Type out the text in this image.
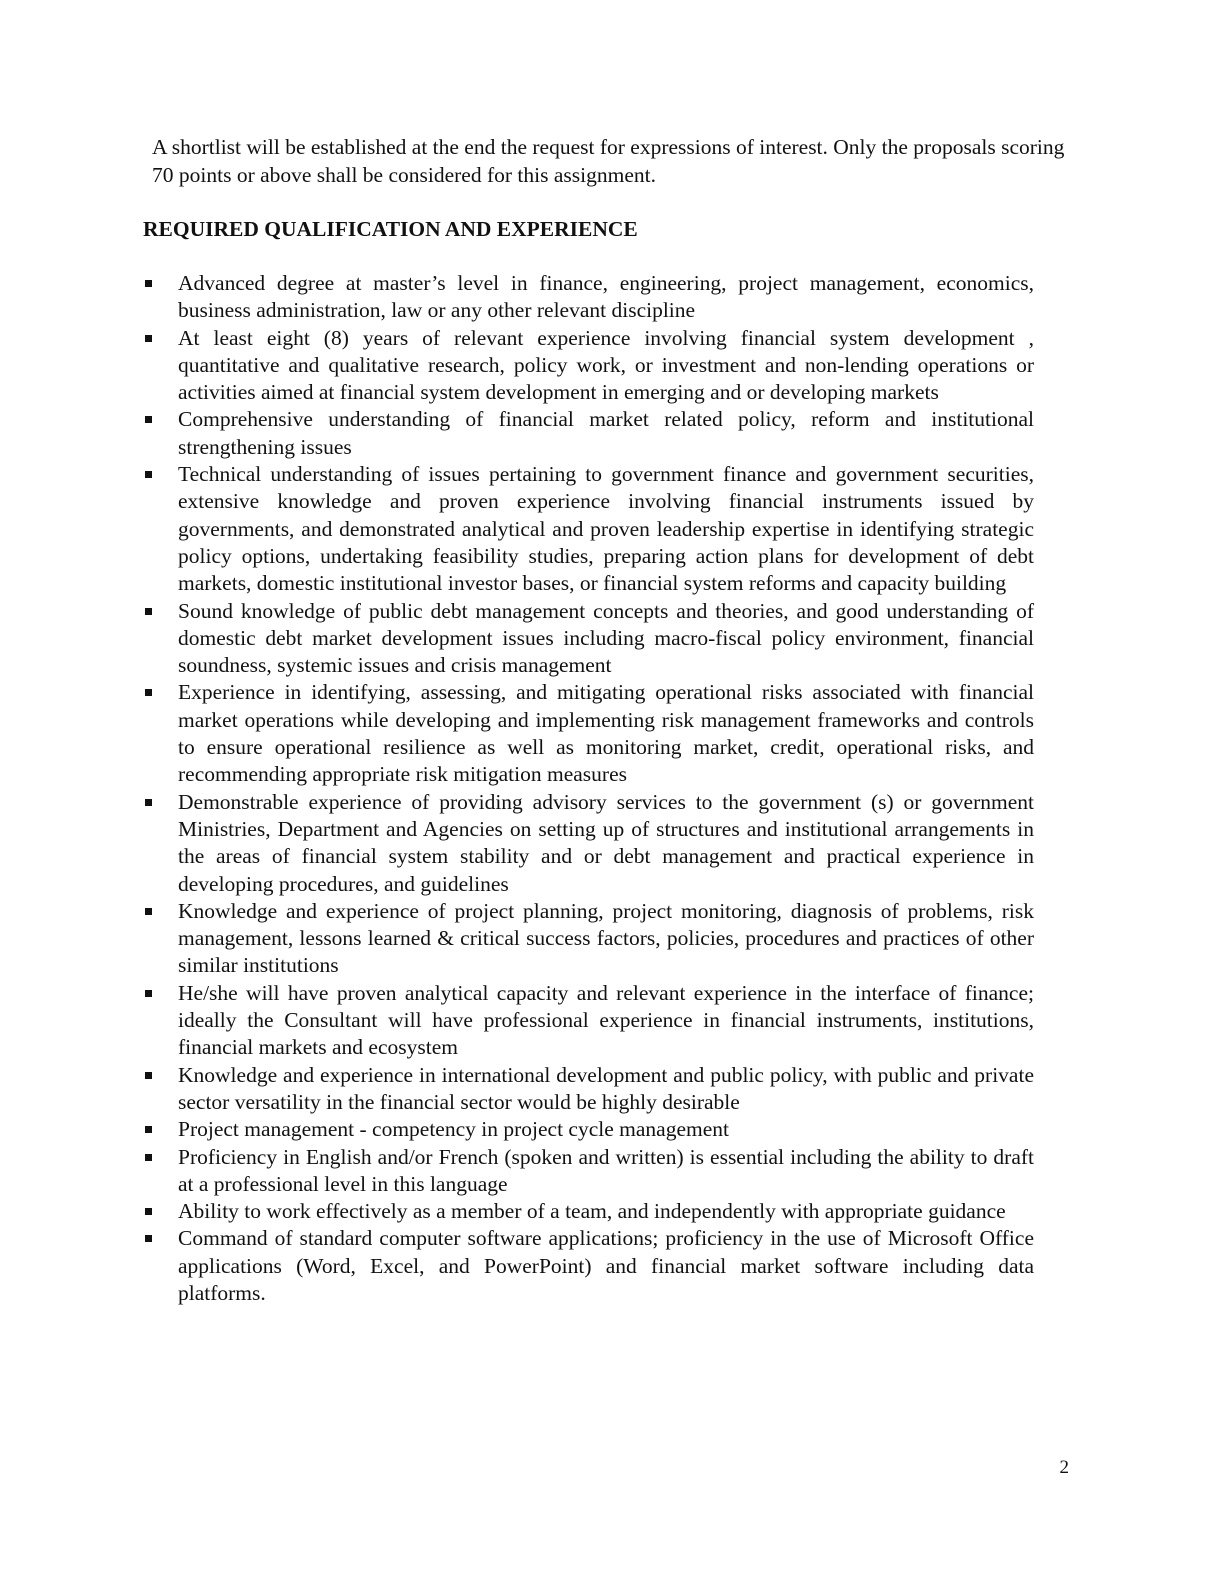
A shortlist will be established at the end the request for expressions of interest. Only the proposals scoring 70 points or above shall be considered for this assignment.

REQUIRED QUALIFICATION AND EXPERIENCE
Advanced degree at master’s level in finance, engineering, project management, economics, business administration, law or any other relevant discipline
At least eight (8) years of relevant experience involving financial system development , quantitative and qualitative research, policy work, or investment and non-lending operations or activities aimed at financial system development in emerging and or developing markets
Comprehensive understanding of financial market related policy, reform and institutional strengthening issues
Technical understanding of issues pertaining to government finance and government securities, extensive knowledge and proven experience involving financial instruments issued by governments, and demonstrated analytical and proven leadership expertise in identifying strategic policy options, undertaking feasibility studies, preparing action plans for development of debt markets, domestic institutional investor bases, or financial system reforms and capacity building
Sound knowledge of public debt management concepts and theories, and good understanding of domestic debt market development issues including macro-fiscal policy environment, financial soundness, systemic issues and crisis management
Experience in identifying, assessing, and mitigating operational risks associated with financial market operations while developing and implementing risk management frameworks and controls to ensure operational resilience as well as monitoring market, credit, operational risks, and recommending appropriate risk mitigation measures
Demonstrable experience of providing advisory services to the government (s) or government Ministries, Department and Agencies on setting up of structures and institutional arrangements in the areas of financial system stability and or debt management and practical experience in developing procedures, and guidelines
Knowledge and experience of project planning, project monitoring, diagnosis of problems, risk management, lessons learned & critical success factors, policies, procedures and practices of other similar institutions
He/she will have proven analytical capacity and relevant experience in the interface of finance; ideally the Consultant will have professional experience in financial instruments, institutions, financial markets and ecosystem
Knowledge and experience in international development and public policy, with public and private sector versatility in the financial sector would be highly desirable
Project management - competency in project cycle management
Proficiency in English and/or French (spoken and written) is essential including the ability to draft at a professional level in this language
Ability to work effectively as a member of a team, and independently with appropriate guidance
Command of standard computer software applications; proficiency in the use of Microsoft Office applications (Word, Excel, and PowerPoint) and financial market software including data platforms.
2
